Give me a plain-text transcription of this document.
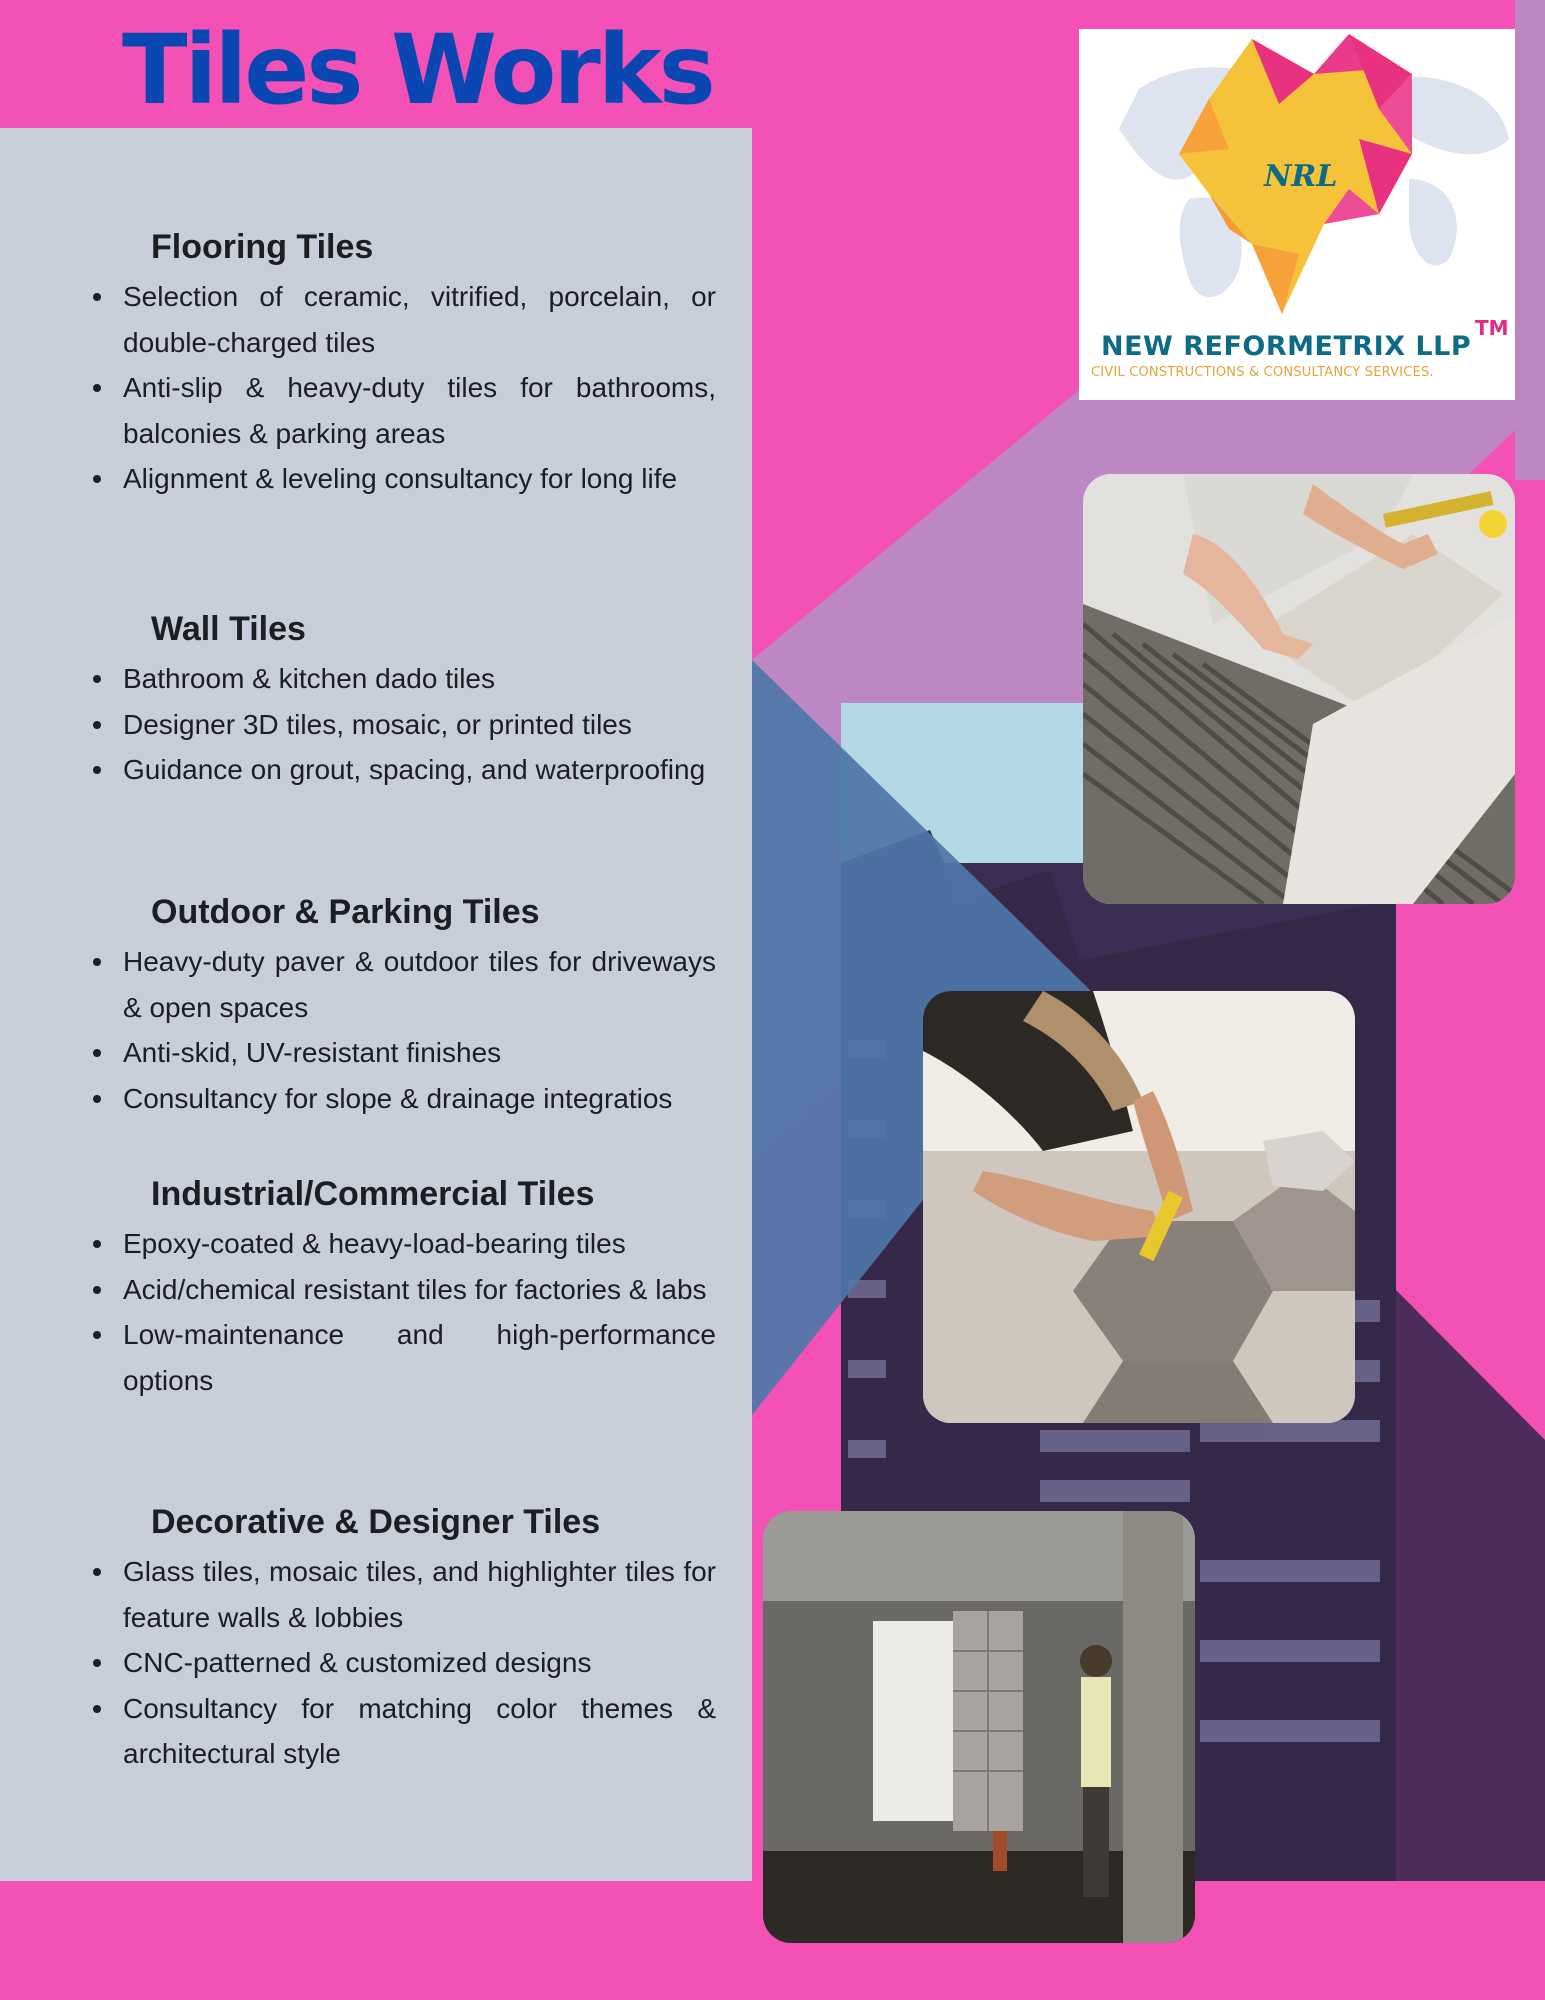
Tiles Works
Flooring Tiles
Selection of ceramic, vitrified, porcelain, or double-charged tiles
Anti-slip & heavy-duty tiles for bathrooms, balconies & parking areas
Alignment & leveling consultancy for long life
Wall Tiles
Bathroom & kitchen dado tiles
Designer 3D tiles, mosaic, or printed tiles
Guidance on grout, spacing, and waterproofing
Outdoor & Parking Tiles
Heavy-duty paver & outdoor tiles for driveways & open spaces
Anti-skid, UV-resistant finishes
Consultancy for slope & drainage integratios
Industrial/Commercial Tiles
Epoxy-coated & heavy-load-bearing tiles
Acid/chemical resistant tiles for factories & labs
Low-maintenance and high-performance options
Decorative & Designer Tiles
Glass tiles, mosaic tiles, and highlighter tiles for feature walls & lobbies
CNC-patterned & customized designs
Consultancy for matching color themes & architectural style
NRL

NEW REFORMETRIX LLP

TM
CIVIL CONSTRUCTIONS & CONSULTANCY SERVICES.
